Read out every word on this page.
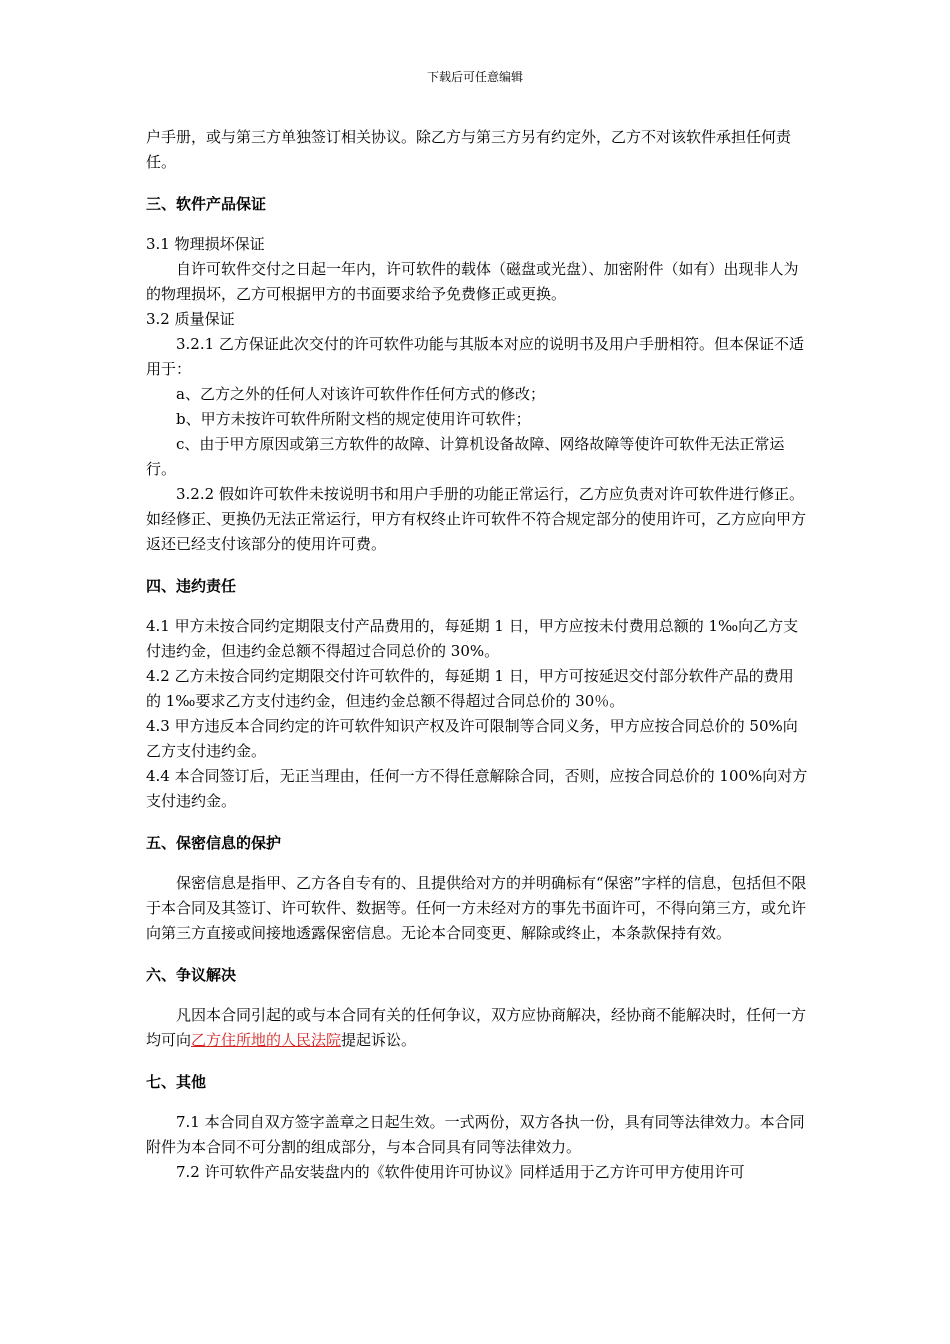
下载后可任意编辑

户手册，或与第三方单独签订相关协议。除乙方与第三方另有约定外，乙方不对该软件承担任何责任。

三、软件产品保证

3.1 物理损坏保证

自许可软件交付之日起一年内，许可软件的载体（磁盘或光盘）、加密附件（如有）出现非人为的物理损坏，乙方可根据甲方的书面要求给予免费修正或更换。

3.2 质量保证

3.2.1 乙方保证此次交付的许可软件功能与其版本对应的说明书及用户手册相符。但本保证不适用于：

a、乙方之外的任何人对该许可软件作任何方式的修改；

b、甲方未按许可软件所附文档的规定使用许可软件；

c、由于甲方原因或第三方软件的故障、计算机设备故障、网络故障等使许可软件无法正常运行。

3.2.2 假如许可软件未按说明书和用户手册的功能正常运行，乙方应负责对许可软件进行修正。如经修正、更换仍无法正常运行，甲方有权终止许可软件不符合规定部分的使用许可，乙方应向甲方返还已经支付该部分的使用许可费。

四、违约责任

4.1 甲方未按合同约定期限支付产品费用的，每延期 1 日，甲方应按未付费用总额的 1‰向乙方支付违约金，但违约金总额不得超过合同总价的 30%。

4.2 乙方未按合同约定期限交付许可软件的，每延期 1 日，甲方可按延迟交付部分软件产品的费用的 1‰要求乙方支付违约金，但违约金总额不得超过合同总价的 30％。

4.3 甲方违反本合同约定的许可软件知识产权及许可限制等合同义务，甲方应按合同总价的 50%向乙方支付违约金。

4.4 本合同签订后，无正当理由，任何一方不得任意解除合同，否则，应按合同总价的 100%向对方支付违约金。

五、保密信息的保护

保密信息是指甲、乙方各自专有的、且提供给对方的并明确标有“保密”字样的信息，包括但不限于本合同及其签订、许可软件、数据等。任何一方未经对方的事先书面许可，不得向第三方，或允许向第三方直接或间接地透露保密信息。无论本合同变更、解除或终止，本条款保持有效。

六、争议解决

凡因本合同引起的或与本合同有关的任何争议，双方应协商解决，经协商不能解决时，任何一方均可向乙方住所地的人民法院提起诉讼。

七、其他

7.1 本合同自双方签字盖章之日起生效。一式两份，双方各执一份，具有同等法律效力。本合同附件为本合同不可分割的组成部分，与本合同具有同等法律效力。

7.2 许可软件产品安装盘内的《软件使用许可协议》同样适用于乙方许可甲方使用许可
